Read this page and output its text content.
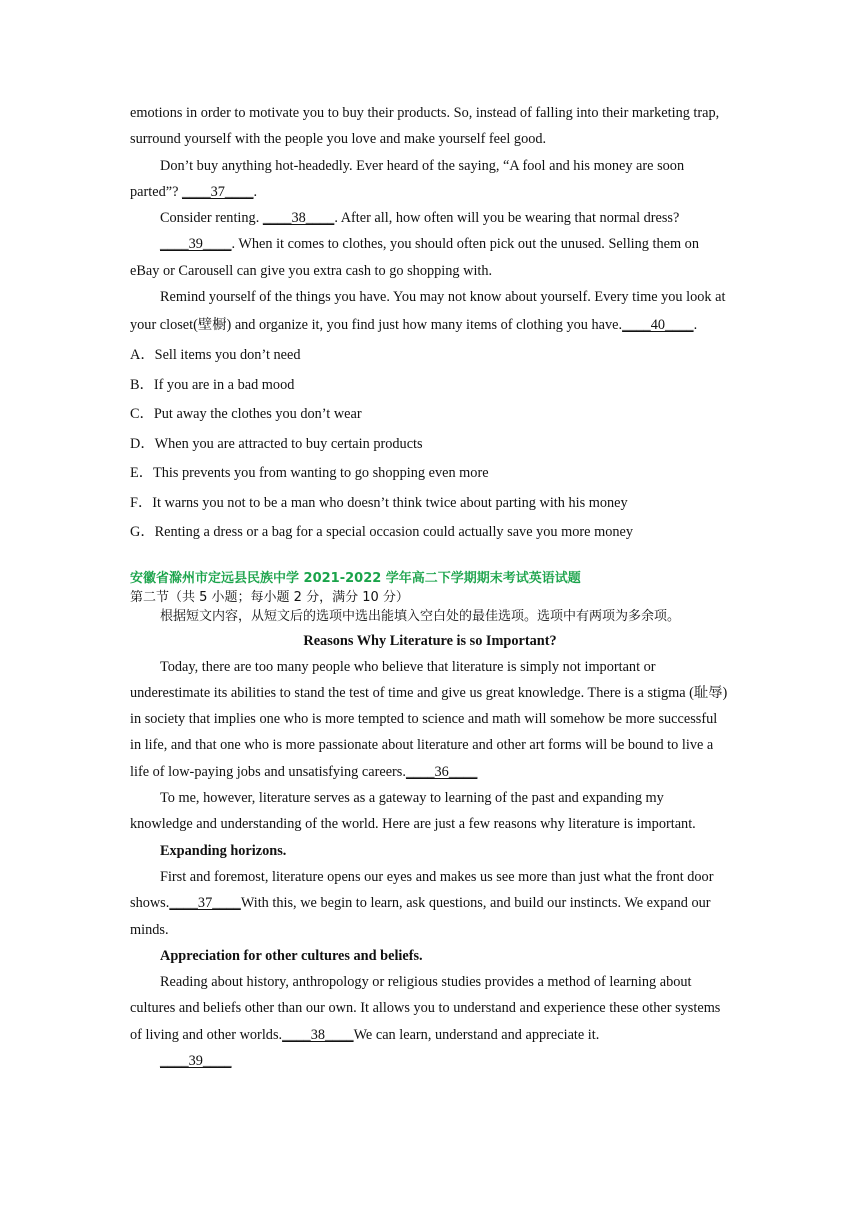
emotions in order to motivate you to buy their products. So, instead of falling into their marketing trap, surround yourself with the people you love and make yourself feel good.

Don’t buy anything hot-headedly. Ever heard of the saying, “A fool and his money are soon parted”? ____37____.

Consider renting. ____38____. After all, how often will you be wearing that normal dress?

____39____. When it comes to clothes, you should often pick out the unused. Selling them on eBay or Carousell can give you extra cash to go shopping with.

Remind yourself of the things you have. You may not know about yourself. Every time you look at your closet(壁橱) and organize it, you find just how many items of clothing you have.____40____.

A．Sell items you don’t need

B．If you are in a bad mood

C．Put away the clothes you don’t wear

D．When you are attracted to buy certain products

E．This prevents you from wanting to go shopping even more

F．It warns you not to be a man who doesn’t think twice about parting with his money

G．Renting a dress or a bag for a special occasion could actually save you more money

安徽省滁州市定远县民族中学 2021-2022 学年高二下学期期末考试英语试题

第二节（共 5 小题；每小题 2 分，满分 10 分）

根据短文内容，从短文后的选项中选出能填入空白处的最佳选项。选项中有两项为多余项。

Reasons Why Literature is so Important?

Today, there are too many people who believe that literature is simply not important or underestimate its abilities to stand the test of time and give us great knowledge. There is a stigma (耻辱) in society that implies one who is more tempted to science and math will somehow be more successful in life, and that one who is more passionate about literature and other art forms will be bound to live a life of low-paying jobs and unsatisfying careers.____36____

To me, however, literature serves as a gateway to learning of the past and expanding my knowledge and understanding of the world. Here are just a few reasons why literature is important.

Expanding horizons.

First and foremost, literature opens our eyes and makes us see more than just what the front door shows.____37____With this, we begin to learn, ask questions, and build our instincts. We expand our minds.

Appreciation for other cultures and beliefs.

Reading about history, anthropology or religious studies provides a method of learning about cultures and beliefs other than our own. It allows you to understand and experience these other systems of living and other worlds.____38____We can learn, understand and appreciate it.

____39____
